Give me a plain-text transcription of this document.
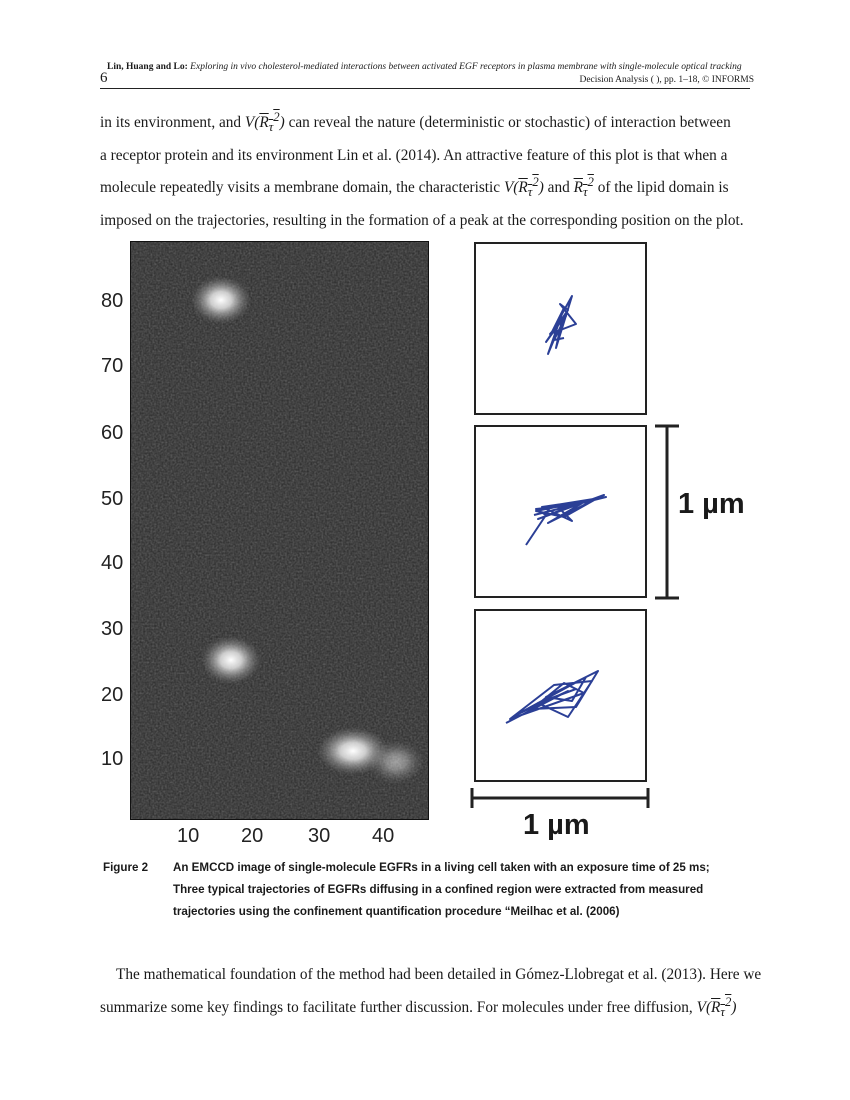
Lin, Huang and Lo: Exploring in vivo cholesterol-mediated interactions between activated EGF receptors in plasma membrane with single-molecule optical tracking
6	Decision Analysis ( ), pp. 1–18, © INFORMS
in its environment, and $V(R_\tau^2)$ can reveal the nature (deterministic or stochastic) of interaction between
a receptor protein and its environment Lin et al. (2014). An attractive feature of this plot is that when a
molecule repeatedly visits a membrane domain, the characteristic $V(R_\tau^2)$ and $R_\tau^2$ of the lipid domain is
imposed on the trajectories, resulting in the formation of a peak at the corresponding position on the plot.
80
70
60
50
40
30
20
10
10 20 30 40
1 µm
1 µm
Figure 2 An EMCCD image of single-molecule EGFRs in a living cell taken with an exposure time of 25 ms;
Three typical trajectories of EGFRs diffusing in a confined region were extracted from measured
trajectories using the confinement quantification procedure “Meilhac et al. (2006)
The mathematical foundation of the method had been detailed in Gómez-Llobregat et al. (2013). Here we
summarize some key findings to facilitate further discussion. For molecules under free diffusion, $V(R_\tau^2)$
